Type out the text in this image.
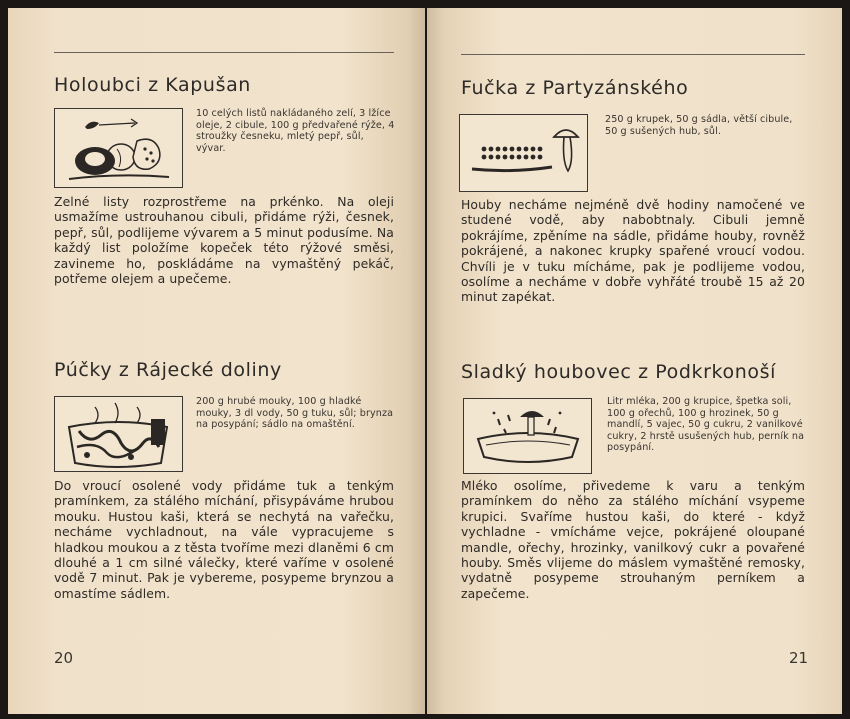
Holoubci z Kapušan
10 celých listů nakládaného zelí, 3 lžíce oleje, 2 cibule, 100 g předvařené rýže, 4 stroužky česneku, mletý pepř, sůl, vývar.
Zelné listy rozprostřeme na prkénko. Na oleji usmažíme ustrouhanou cibuli, přidáme rýži, česnek, pepř, sůl, podlijeme vývarem a 5 minut podusíme. Na každý list položíme kopeček této rýžové směsi, zavineme ho, poskládáme na vymaštěný pekáč, potřeme olejem a upečeme.
Púčky z Rájecké doliny
200 g hrubé mouky, 100 g hladké mouky, 3 dl vody, 50 g tuku, sůl; brynza na posypání; sádlo na omaštění.
Do vroucí osolené vody přidáme tuk a tenkým pramínkem, za stálého míchání, přisypáváme hrubou mouku. Hustou kaši, která se nechytá na vařečku, necháme vychladnout, na vále vypracujeme s hladkou moukou a z těsta tvoříme mezi dlaněmi 6 cm dlouhé a 1 cm silné válečky, které vaříme v osolené vodě 7 minut. Pak je vybereme, posypeme brynzou a omastíme sádlem.
20
Fučka z Partyzánského
250 g krupek, 50 g sádla, větší cibule, 50 g sušených hub, sůl.
Houby necháme nejméně dvě hodiny namočené ve studené vodě, aby nabobtnaly. Cibuli jemně pokrájíme, zpěníme na sádle, přidáme houby, rovněž pokrájené, a nakonec krupky spařené vroucí vodou. Chvíli je v tuku mícháme, pak je podlijeme vodou, osolíme a necháme v dobře vyhřáté troubě 15 až 20 minut zapékat.
Sladký houbovec z Podkrkonoší
Litr mléka, 200 g krupice, špetka soli, 100 g ořechů, 100 g hrozinek, 50 g mandlí, 5 vajec, 50 g cukru, 2 vanilkové cukry, 2 hrstě usušených hub, perník na posypání.
Mléko osolíme, přivedeme k varu a tenkým pramínkem do něho za stálého míchání vsypeme krupici. Svaříme hustou kaši, do které - když vychladne - vmícháme vejce, pokrájené oloupané mandle, ořechy, hrozinky, vanilkový cukr a povařené houby. Směs vlijeme do máslem vymaštěné remosky, vydatně posypeme strouhaným perníkem a zapečeme.
21
